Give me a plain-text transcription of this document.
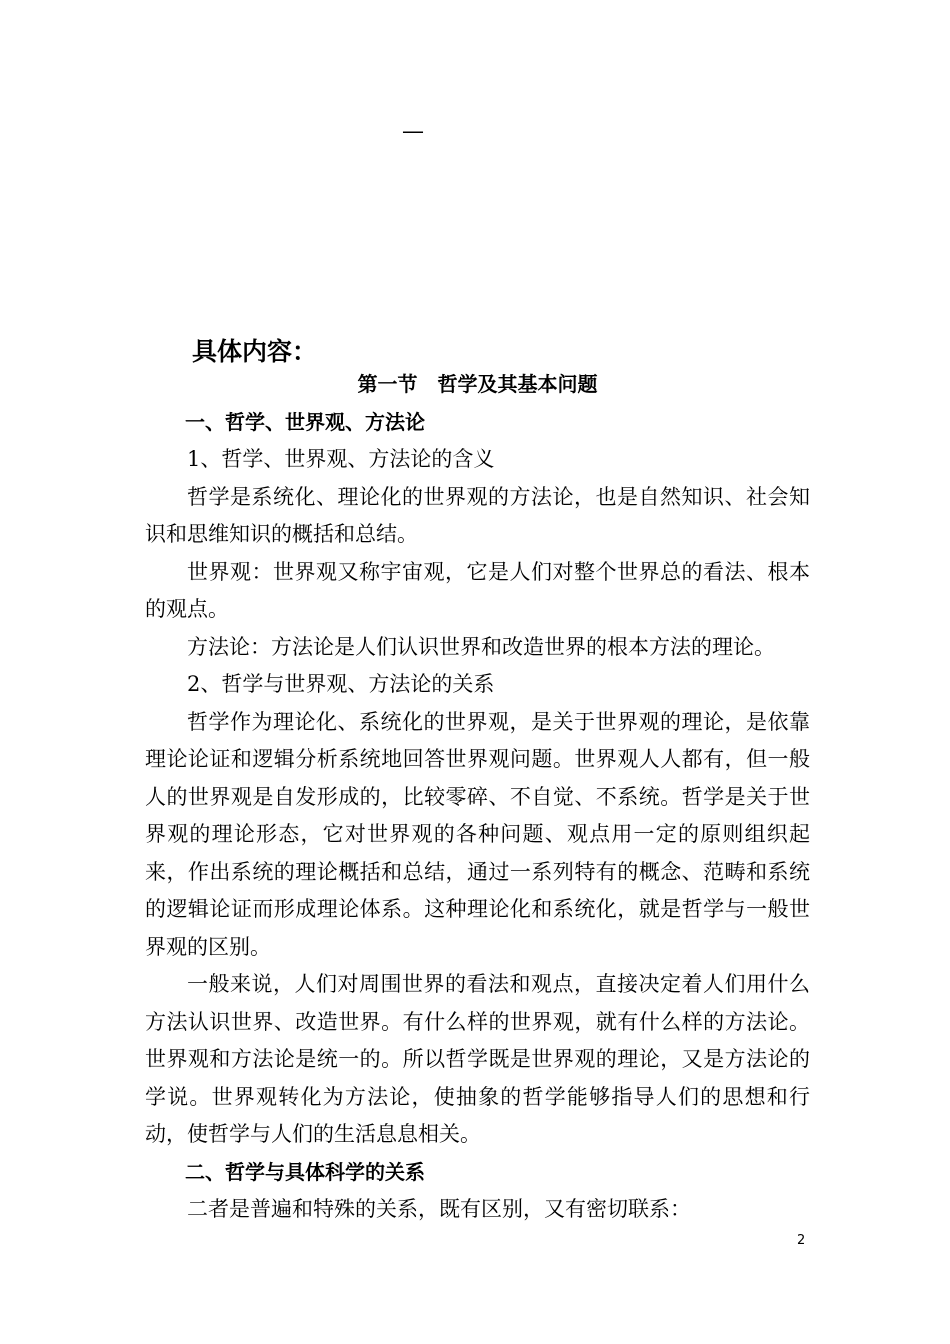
—
具体内容：

第一节　哲学及其基本问题

一、哲学、世界观、方法论

1、哲学、世界观、方法论的含义

哲学是系统化、理论化的世界观的方法论，也是自然知识、社会知识和思维知识的概括和总结。

世界观：世界观又称宇宙观，它是人们对整个世界总的看法、根本的观点。

方法论：方法论是人们认识世界和改造世界的根本方法的理论。

2、哲学与世界观、方法论的关系

哲学作为理论化、系统化的世界观，是关于世界观的理论，是依靠理论论证和逻辑分析系统地回答世界观问题。世界观人人都有，但一般人的世界观是自发形成的，比较零碎、不自觉、不系统。哲学是关于世界观的理论形态，它对世界观的各种问题、观点用一定的原则组织起来，作出系统的理论概括和总结，通过一系列特有的概念、范畴和系统的逻辑论证而形成理论体系。这种理论化和系统化，就是哲学与一般世界观的区别。

一般来说，人们对周围世界的看法和观点，直接决定着人们用什么方法认识世界、改造世界。有什么样的世界观，就有什么样的方法论。世界观和方法论是统一的。所以哲学既是世界观的理论，又是方法论的学说。世界观转化为方法论，使抽象的哲学能够指导人们的思想和行动，使哲学与人们的生活息息相关。

二、哲学与具体科学的关系

二者是普遍和特殊的关系，既有区别，又有密切联系：

2
